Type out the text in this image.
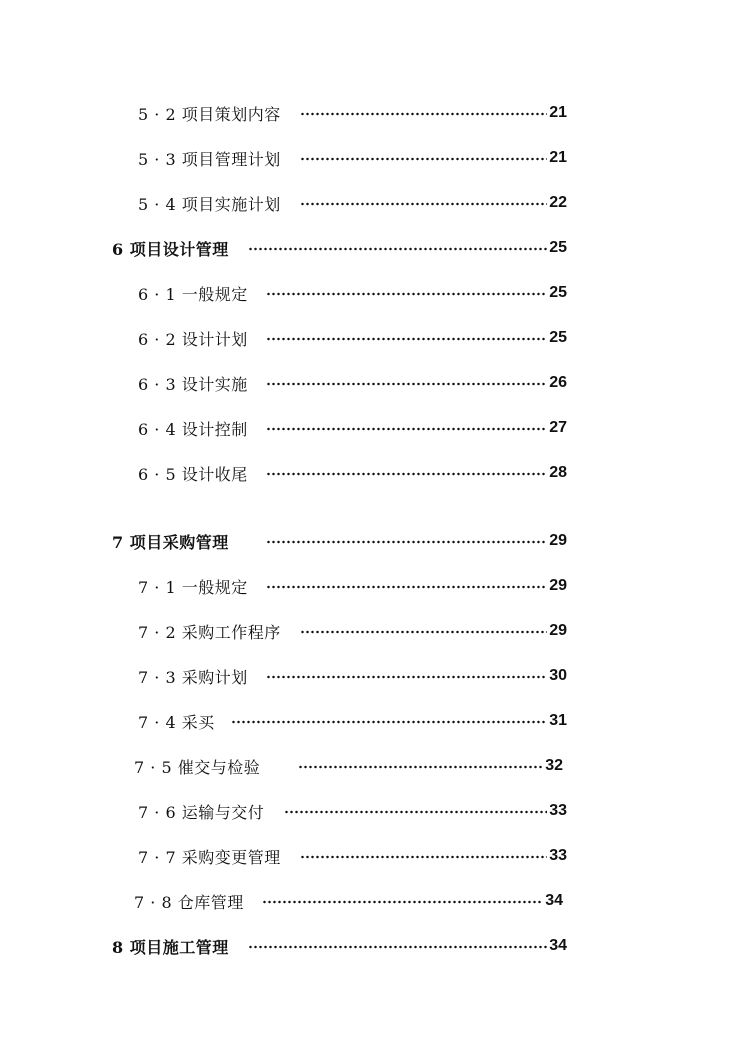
5 · 2 项目策划内容	21
5 · 3 项目管理计划	21
5 · 4 项目实施计划	22
6 项目设计管理	25
6 · 1 一般规定	25
6 · 2 设计计划	25
6 · 3 设计实施	26
6 · 4 设计控制	27
6 · 5 设计收尾	28
7 项目采购管理	29
7 · 1 一般规定	29
7 · 2 采购工作程序	29
7 · 3 采购计划	30
7 · 4 采买	31
7 · 5 催交与检验	32
7 · 6 运输与交付	33
7 · 7 采购变更管理	33
7 · 8 仓库管理	34
8 项目施工管理	34
